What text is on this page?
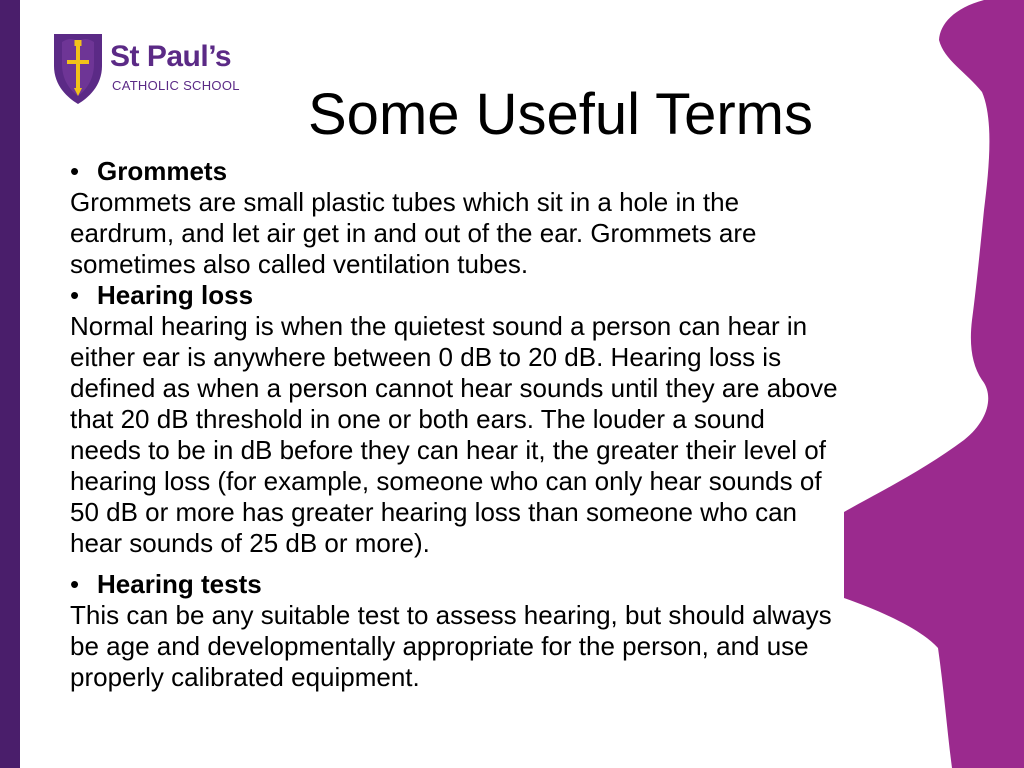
St Paul’s
CATHOLIC SCHOOL Some Useful Terms
• Grommets
Grommets are small plastic tubes which sit in a hole in the eardrum, and let air get in and out of the ear. Grommets are sometimes also called ventilation tubes.
• Hearing loss
Normal hearing is when the quietest sound a person can hear in either ear is anywhere between 0 dB to 20 dB. Hearing loss is defined as when a person cannot hear sounds until they are above that 20 dB threshold in one or both ears. The louder a sound needs to be in dB before they can hear it, the greater their level of hearing loss (for example, someone who can only hear sounds of 50 dB or more has greater hearing loss than someone who can hear sounds of 25 dB or more).
• Hearing tests
This can be any suitable test to assess hearing, but should always be age and developmentally appropriate for the person, and use properly calibrated equipment.
